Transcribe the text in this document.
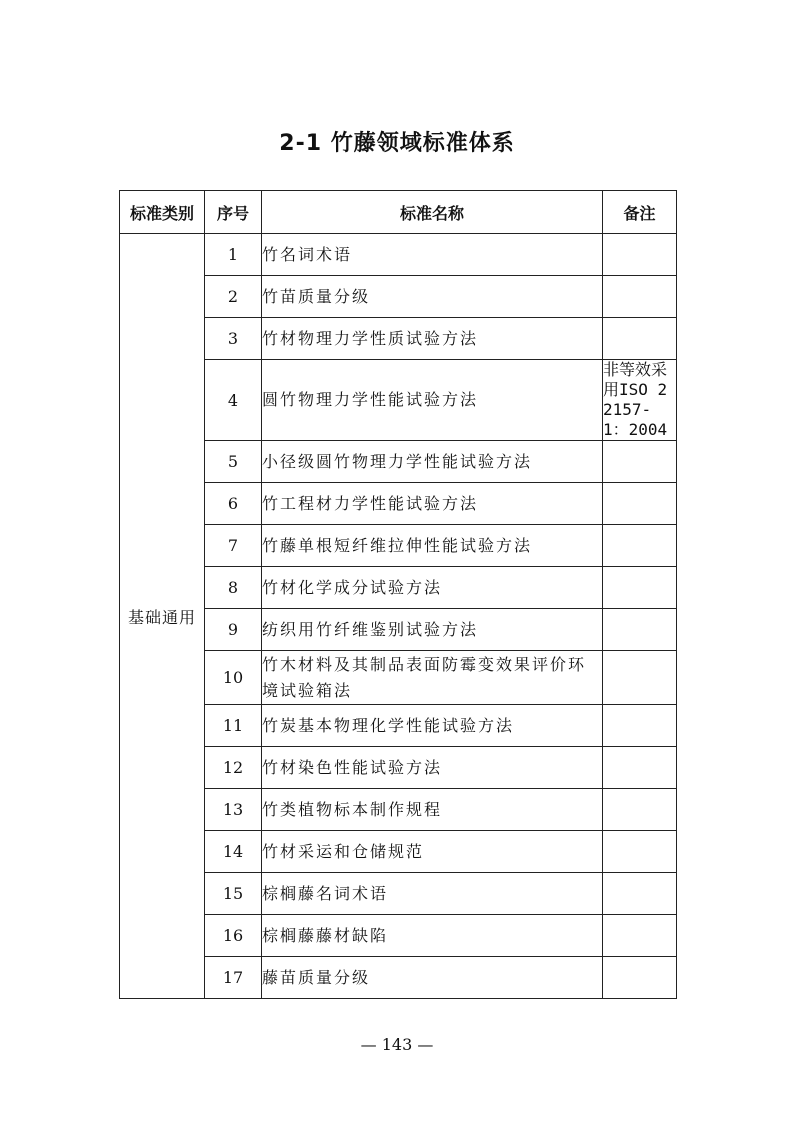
2-1 竹藤领域标准体系
标准类别	序号	标准名称	备注
基础通用	1	竹名词术语	
	2	竹苗质量分级	
	3	竹材物理力学性质试验方法	
	4	圆竹物理力学性能试验方法	非等效采用ISO 22157-1：2004
	5	小径级圆竹物理力学性能试验方法	
	6	竹工程材力学性能试验方法	
	7	竹藤单根短纤维拉伸性能试验方法	
	8	竹材化学成分试验方法	
	9	纺织用竹纤维鉴别试验方法	
	10	竹木材料及其制品表面防霉变效果评价环境试验箱法	
	11	竹炭基本物理化学性能试验方法	
	12	竹材染色性能试验方法	
	13	竹类植物标本制作规程	
	14	竹材采运和仓储规范	
	15	棕榈藤名词术语	
	16	棕榈藤藤材缺陷	
	17	藤苗质量分级	
— 143 —
